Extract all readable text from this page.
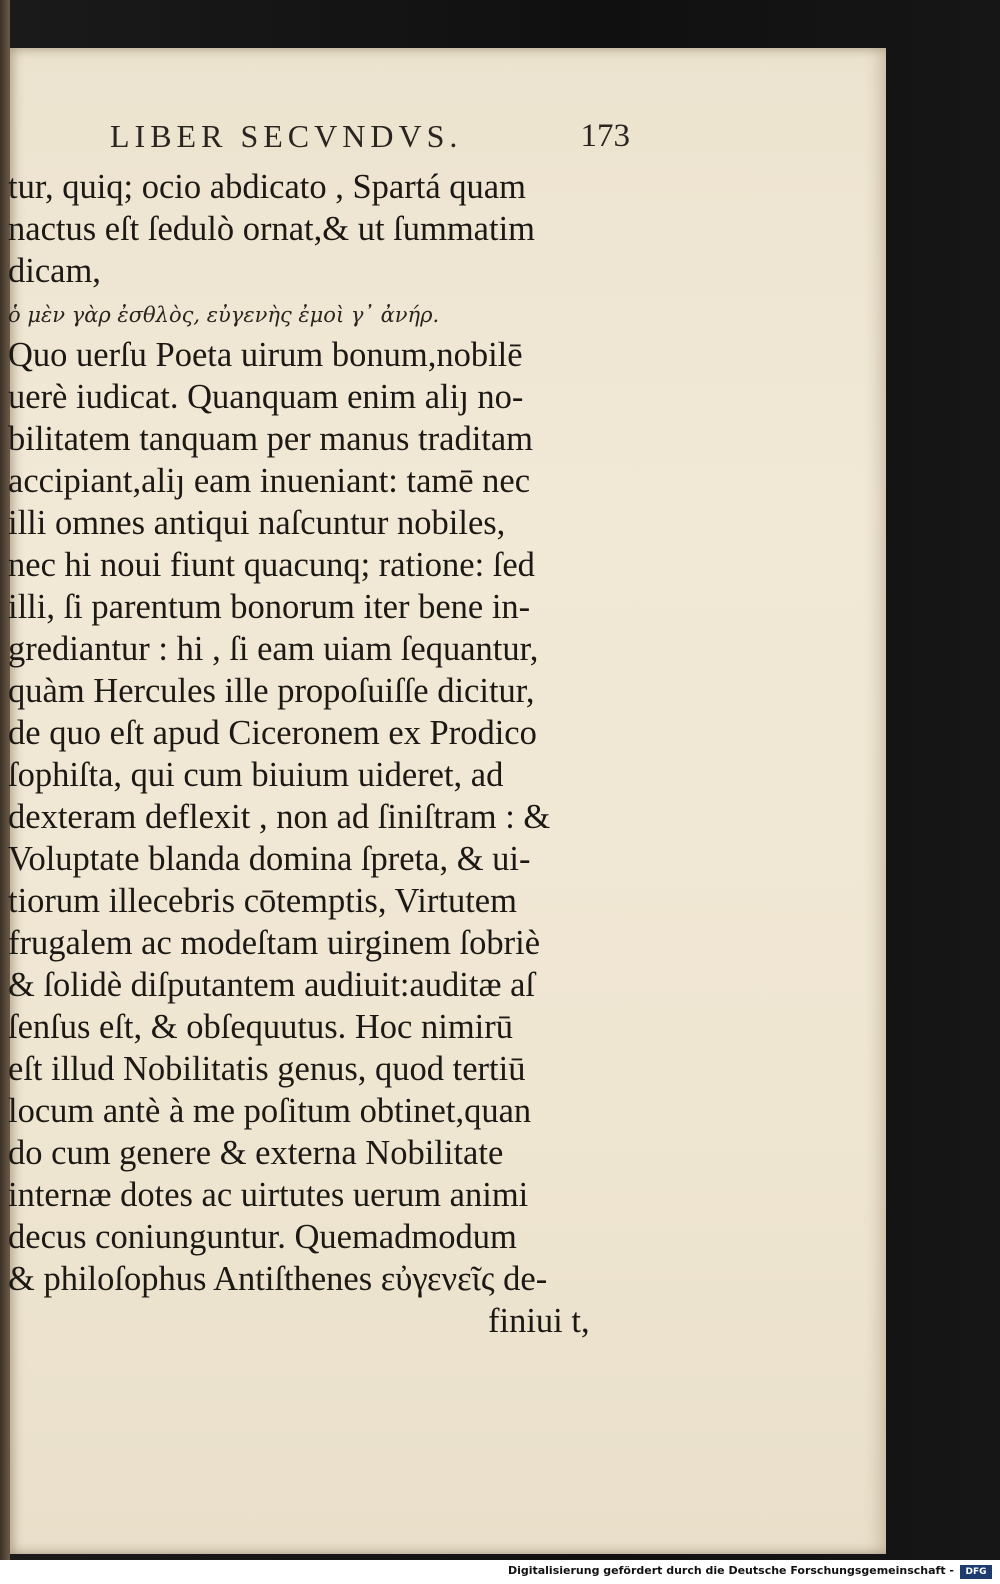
LIBER SECVNDVS.	173
tur, quiq; ocio abdicato , Spartá quam
nactus eſt ſedulò ornat,& ut ſummatim
dicam,
ὁ μὲν γὰρ ἐσθλὸς, εὐγενὴς ἐμοὶ γ᾽ ἀνήρ.
Quo uerſu Poeta uirum bonum,nobilē
uerè iudicat. Quanquam enim aliȷ no-
bilitatem tanquam per manus traditam
accipiant,aliȷ eam inueniant: tamē nec
illi omnes antiqui naſcuntur nobiles,
nec hi noui fiunt quacunq; ratione: ſed
illi, ſi parentum bonorum iter bene in-
grediantur : hi , ſi eam uiam ſequantur,
quàm Hercules ille propoſuiſſe dicitur,
de quo eſt apud Ciceronem ex Prodico
ſophiſta, qui cum biuium uideret, ad
dexteram deflexit , non ad ſiniſtram : &
Voluptate blanda domina ſpreta, & ui-
tiorum illecebris cōtemptis, Virtutem
frugalem ac modeſtam uirginem ſobriè
& ſolidè diſputantem audiuit:auditæ aſ
ſenſus eſt, & obſequutus. Hoc nimirū
eſt illud Nobilitatis genus, quod tertiū
locum antè à me poſitum obtinet,quan
do cum genere & externa Nobilitate
internæ dotes ac uirtutes uerum animi
decus coniunguntur. Quemadmodum
& philoſophus Antiſthenes εὐγενεῖς de-
finiui t,
Digitalisierung gefördert durch die Deutsche Forschungsgemeinschaft -	DFG
